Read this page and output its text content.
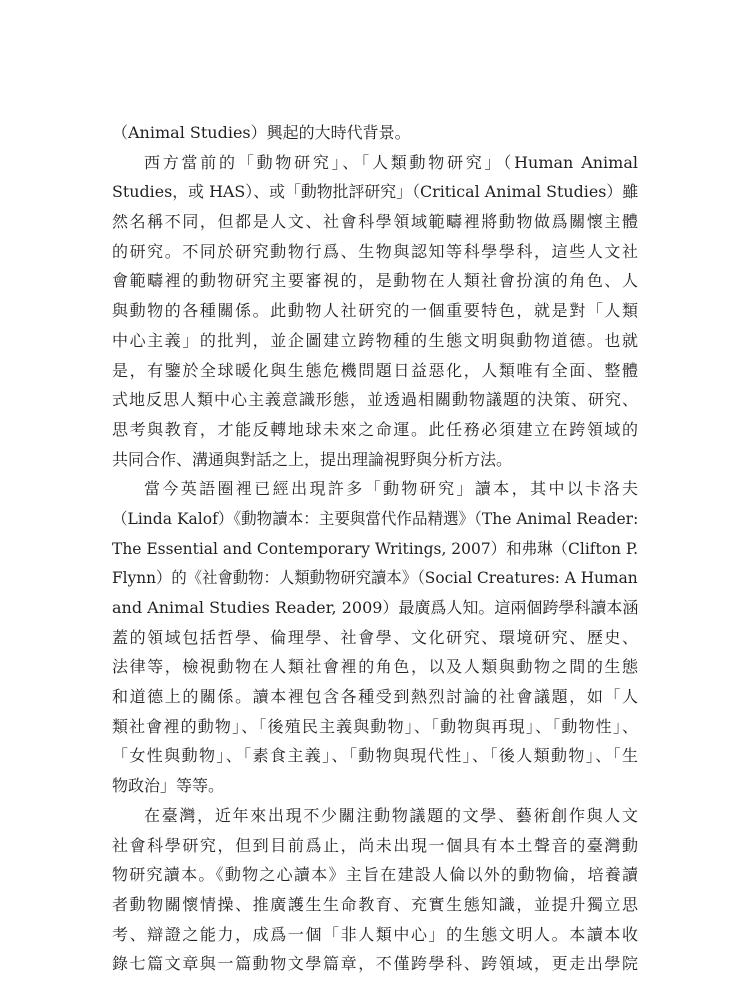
（Animal Studies）興起的大時代背景。
西方當前的「動物研究」、「人類動物研究」（Human Animal
Studies，或 HAS）、或「動物批評研究」（Critical Animal Studies）雖
然名稱不同，但都是人文、社會科學領域範疇裡將動物做爲關懷主體
的研究。不同於研究動物行爲、生物與認知等科學學科，這些人文社
會範疇裡的動物研究主要審視的，是動物在人類社會扮演的角色、人
與動物的各種關係。此動物人社研究的一個重要特色，就是對「人類
中心主義」的批判，並企圖建立跨物種的生態文明與動物道德。也就
是，有鑒於全球暖化與生態危機問題日益惡化，人類唯有全面、整體
式地反思人類中心主義意識形態，並透過相關動物議題的決策、研究、
思考與教育，才能反轉地球未來之命運。此任務必須建立在跨領域的
共同合作、溝通與對話之上，提出理論視野與分析方法。
當今英語圈裡已經出現許多「動物研究」讀本，其中以卡洛夫
（Linda Kalof）《動物讀本：主要與當代作品精選》（The Animal Reader:
The Essential and Contemporary Writings, 2007）和弗琳（Clifton P.
Flynn）的《社會動物：人類動物研究讀本》（Social Creatures: A Human
and Animal Studies Reader, 2009）最廣爲人知。這兩個跨學科讀本涵
蓋的領域包括哲學、倫理學、社會學、文化研究、環境研究、歷史、
法律等，檢視動物在人類社會裡的角色，以及人類與動物之間的生態
和道德上的關係。讀本裡包含各種受到熱烈討論的社會議題，如「人
類社會裡的動物」、「後殖民主義與動物」、「動物與再現」、「動物性」、
「女性與動物」、「素食主義」、「動物與現代性」、「後人類動物」、「生
物政治」等等。
在臺灣，近年來出現不少關注動物議題的文學、藝術創作與人文
社會科學研究，但到目前爲止，尚未出現一個具有本土聲音的臺灣動
物研究讀本。《動物之心讀本》主旨在建設人倫以外的動物倫，培養讀
者動物關懷情操、推廣護生生命教育、充實生態知識，並提升獨立思
考、辯證之能力，成爲一個「非人類中心」的生態文明人。本讀本收
錄七篇文章與一篇動物文學篇章，不僅跨學科、跨領域，更走出學院
